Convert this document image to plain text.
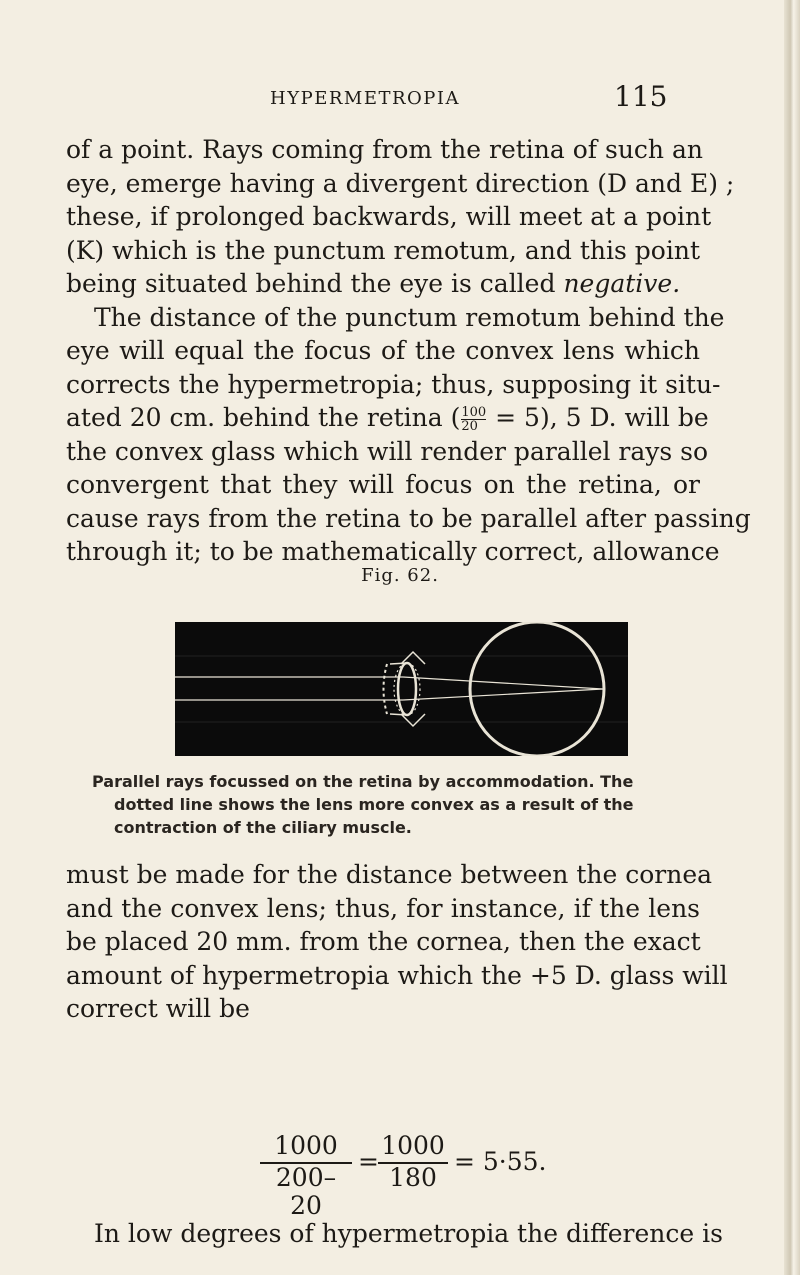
HYPERMETROPIA	115
of a point. Rays coming from the retina of such an
eye, emerge having a divergent direction (D and E) ;
these, if prolonged backwards, will meet at a point
(K) which is the punctum remotum, and this point
being situated behind the eye is called negative.
The distance of the punctum remotum behind the
eye will equal the focus of the convex lens which
corrects the hypermetropia; thus, supposing it situ-
ated 20 cm. behind the retina ( $\frac{100}{20} = 5$), 5 D. will be
the convex glass which will render parallel rays so
convergent that they will focus on the retina, or
cause rays from the retina to be parallel after passing
through it; to be mathematically correct, allowance
Fig. 62.
Parallel rays focussed on the retina by accommodation. The
dotted line shows the lens more convex as a result of the
contraction of the ciliary muscle.
must be made for the distance between the cornea
and the convex lens; thus, for instance, if the lens
be placed 20 mm. from the cornea, then the exact
amount of hypermetropia which the +5 D. glass will
correct will be
$\frac{1000}{200-20} = \frac{1000}{180} = 5\cdot 55$.
In low degrees of hypermetropia the difference is
